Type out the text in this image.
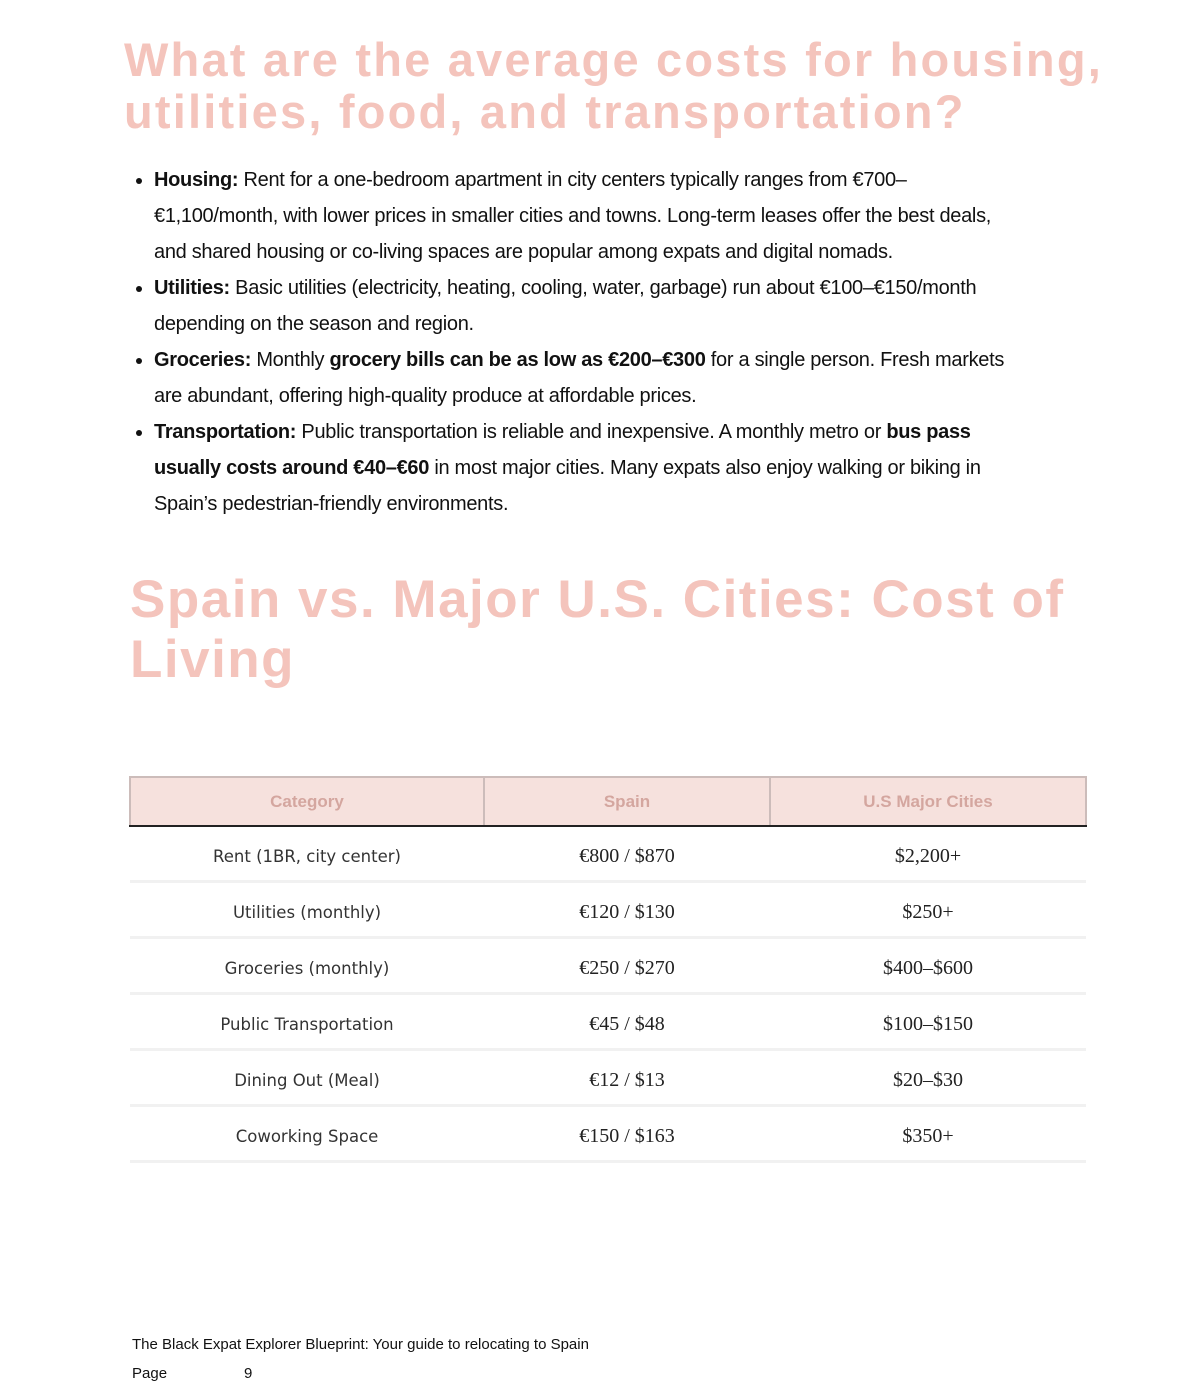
What are the average costs for housing, utilities, food, and transportation?
• Housing: Rent for a one-bedroom apartment in city centers typically ranges from €700–€1,100/month, with lower prices in smaller cities and towns. Long-term leases offer the best deals, and shared housing or co-living spaces are popular among expats and digital nomads.
• Utilities: Basic utilities (electricity, heating, cooling, water, garbage) run about €100–€150/month depending on the season and region.
• Groceries: Monthly grocery bills can be as low as €200–€300 for a single person. Fresh markets are abundant, offering high-quality produce at affordable prices.
• Transportation: Public transportation is reliable and inexpensive. A monthly metro or bus pass usually costs around €40–€60 in most major cities. Many expats also enjoy walking or biking in Spain’s pedestrian-friendly environments.
Spain vs. Major U.S. Cities: Cost of Living
Category	Spain	U.S Major Cities
Rent (1BR, city center)	€800 / $870	$2,200+
Utilities (monthly)	€120 / $130	$250+
Groceries (monthly)	€250 / $270	$400–$600
Public Transportation	€45 / $48	$100–$150
Dining Out (Meal)	€12 / $13	$20–$30
Coworking Space	€150 / $163	$350+
The Black Expat Explorer Blueprint: Your guide to relocating to Spain
Page	9
